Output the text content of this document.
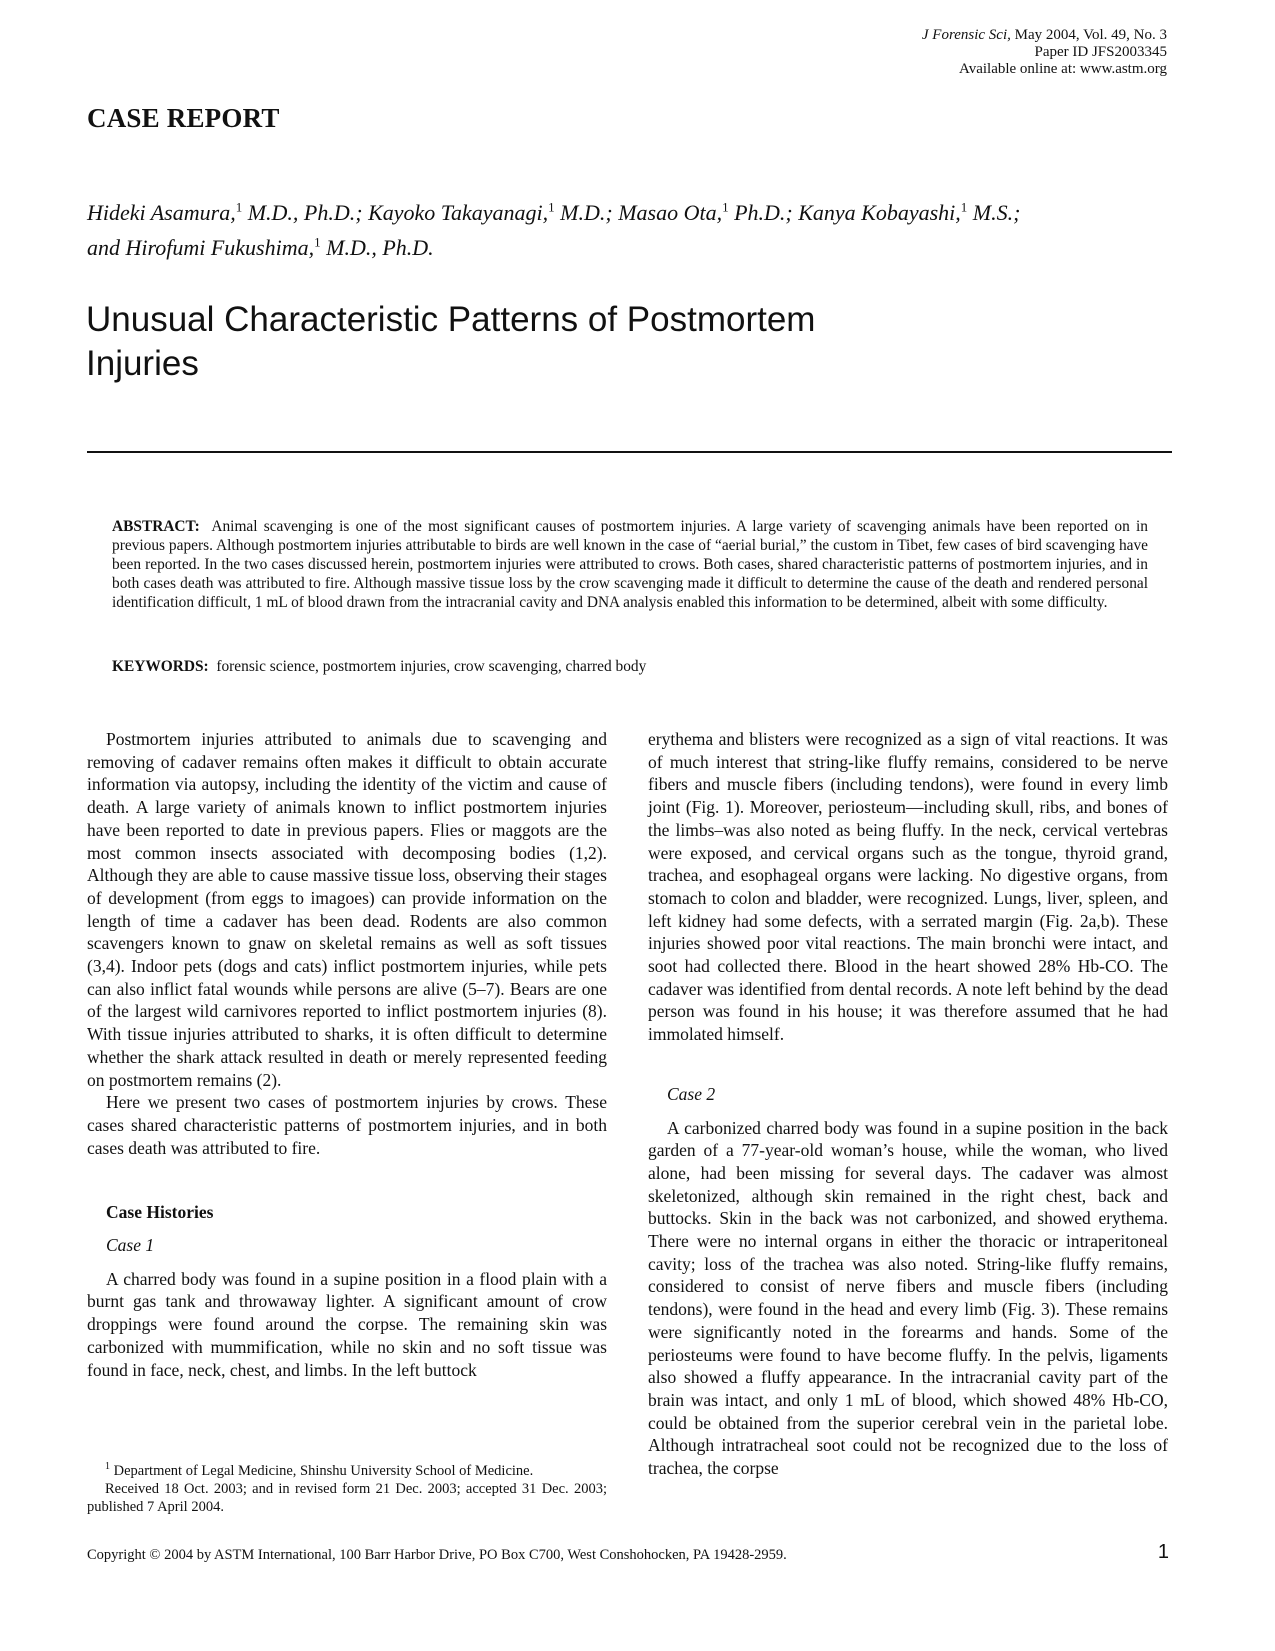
J Forensic Sci, May 2004, Vol. 49, No. 3
Paper ID JFS2003345
Available online at: www.astm.org
CASE REPORT
Hideki Asamura,$^1$ M.D., Ph.D.; Kayoko Takayanagi,$^1$ M.D.; Masao Ota,$^1$ Ph.D.; Kanya Kobayashi,$^1$ M.S.;
and Hirofumi Fukushima,$^1$ M.D., Ph.D.
Unusual Characteristic Patterns of Postmortem
Injuries

ABSTRACT: Animal scavenging is one of the most significant causes of postmortem injuries. A large variety of scavenging animals have been reported on in previous papers. Although postmortem injuries attributable to birds are well known in the case of “aerial burial,” the custom in Tibet, few cases of bird scavenging have been reported. In the two cases discussed herein, postmortem injuries were attributed to crows. Both cases, shared characteristic patterns of postmortem injuries, and in both cases death was attributed to fire. Although massive tissue loss by the crow scavenging made it difficult to determine the cause of the death and rendered personal identification difficult, 1 mL of blood drawn from the intracranial cavity and DNA analysis enabled this information to be determined, albeit with some difficulty.

KEYWORDS: forensic science, postmortem injuries, crow scavenging, charred body

Postmortem injuries attributed to animals due to scavenging and removing of cadaver remains often makes it difficult to obtain accurate information via autopsy, including the identity of the victim and cause of death. A large variety of animals known to inflict postmortem injuries have been reported to date in previous papers. Flies or maggots are the most common insects associated with decomposing bodies (1,2). Although they are able to cause massive tissue loss, observing their stages of development (from eggs to imagoes) can provide information on the length of time a cadaver has been dead. Rodents are also common scavengers known to gnaw on skeletal remains as well as soft tissues (3,4). Indoor pets (dogs and cats) inflict postmortem injuries, while pets can also inflict fatal wounds while persons are alive (5–7). Bears are one of the largest wild carnivores reported to inflict postmortem injuries (8). With tissue injuries attributed to sharks, it is often difficult to determine whether the shark attack resulted in death or merely represented feeding on postmortem remains (2).

Here we present two cases of postmortem injuries by crows. These cases shared characteristic patterns of postmortem injuries, and in both cases death was attributed to fire.

Case Histories

Case 1

A charred body was found in a supine position in a flood plain with a burnt gas tank and throwaway lighter. A significant amount of crow droppings were found around the corpse. The remaining skin was carbonized with mummification, while no skin and no soft tissue was found in face, neck, chest, and limbs. In the left buttock

$^1$ Department of Legal Medicine, Shinshu University School of Medicine.

Received 18 Oct. 2003; and in revised form 21 Dec. 2003; accepted 31 Dec. 2003; published 7 April 2004.

erythema and blisters were recognized as a sign of vital reactions. It was of much interest that string-like fluffy remains, considered to be nerve fibers and muscle fibers (including tendons), were found in every limb joint (Fig. 1). Moreover, periosteum—including skull, ribs, and bones of the limbs–was also noted as being fluffy. In the neck, cervical vertebras were exposed, and cervical organs such as the tongue, thyroid grand, trachea, and esophageal organs were lacking. No digestive organs, from stomach to colon and bladder, were recognized. Lungs, liver, spleen, and left kidney had some defects, with a serrated margin (Fig. 2a,b). These injuries showed poor vital reactions. The main bronchi were intact, and soot had collected there. Blood in the heart showed 28% Hb-CO. The cadaver was identified from dental records. A note left behind by the dead person was found in his house; it was therefore assumed that he had immolated himself.

Case 2

A carbonized charred body was found in a supine position in the back garden of a 77-year-old woman’s house, while the woman, who lived alone, had been missing for several days. The cadaver was almost skeletonized, although skin remained in the right chest, back and buttocks. Skin in the back was not carbonized, and showed erythema. There were no internal organs in either the thoracic or intraperitoneal cavity; loss of the trachea was also noted. String-like fluffy remains, considered to consist of nerve fibers and muscle fibers (including tendons), were found in the head and every limb (Fig. 3). These remains were significantly noted in the forearms and hands. Some of the periosteums were found to have become fluffy. In the pelvis, ligaments also showed a fluffy appearance. In the intracranial cavity part of the brain was intact, and only 1 mL of blood, which showed 48% Hb-CO, could be obtained from the superior cerebral vein in the parietal lobe. Although intratracheal soot could not be recognized due to the loss of trachea, the corpse

Copyright © 2004 by ASTM International, 100 Barr Harbor Drive, PO Box C700, West Conshohocken, PA 19428-2959.	1
